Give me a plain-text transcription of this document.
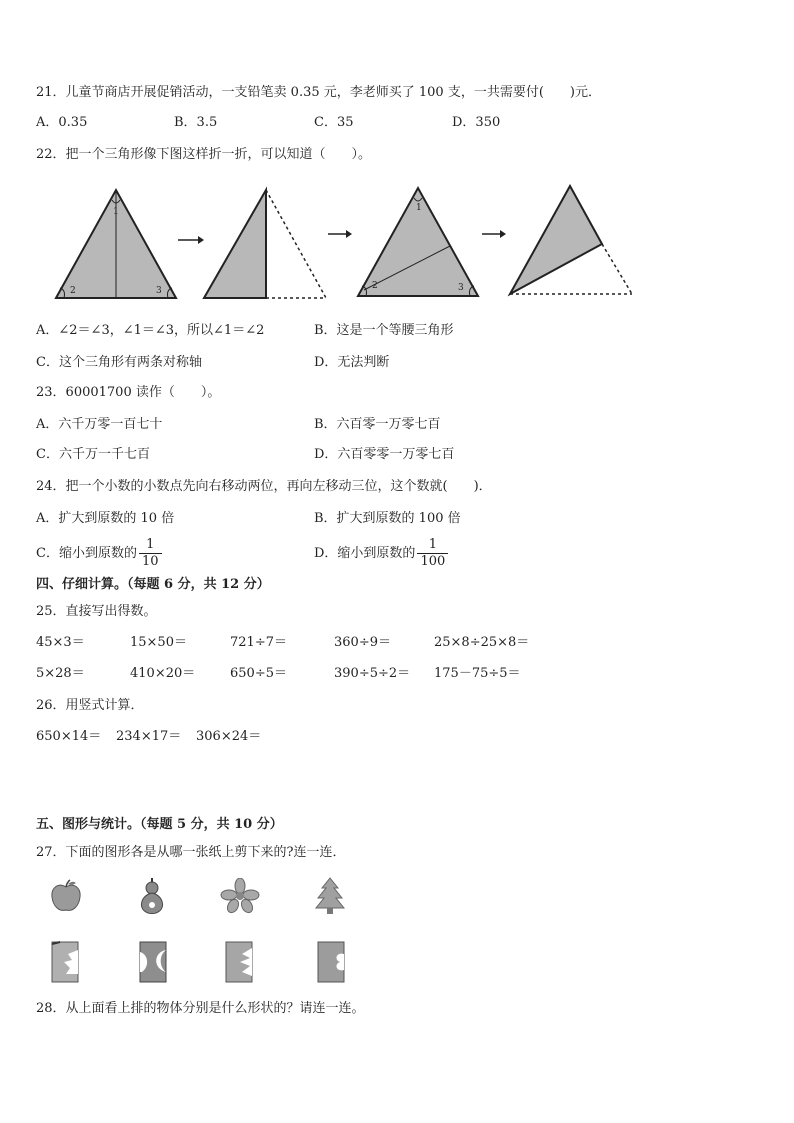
21．儿童节商店开展促销活动，一支铅笔卖 0.35 元，李老师买了 100 支，一共需要付(　　)元．
A．0.35	B．3.5	C．35	D．350
22．把一个三角形像下图这样折一折，可以知道（　　）。
1
2	3
1
2	3
A．∠2＝∠3，∠1＝∠3，所以∠1＝∠2	B．这是一个等腰三角形
C．这个三角形有两条对称轴	D．无法判断
23．60001700 读作（　　）。
A．六千万零一百七十	B．六百零一万零七百
C．六千万一千七百	D．六百零零一万零七百
24．把一个小数的小数点先向右移动两位，再向左移动三位，这个数就(　　)．
A．扩大到原数的 10 倍	B．扩大到原数的 100 倍
C．缩小到原数的 $\frac{1}{10}$	D．缩小到原数的 $\frac{1}{100}$
四、仔细计算。（每题 6 分，共 12 分）
25．直接写出得数。
45×3＝	15×50＝	721÷7＝	360÷9＝	25×8÷25×8＝
5×28＝	410×20＝	650÷5＝	390÷5÷2＝ 175－75÷5＝
26．用竖式计算．
650×14＝ 234×17＝ 306×24＝
五、图形与统计。（每题 5 分，共 10 分）
27．下面的图形各是从哪一张纸上剪下来的?连一连．
28．从上面看上排的物体分别是什么形状的？请连一连。
